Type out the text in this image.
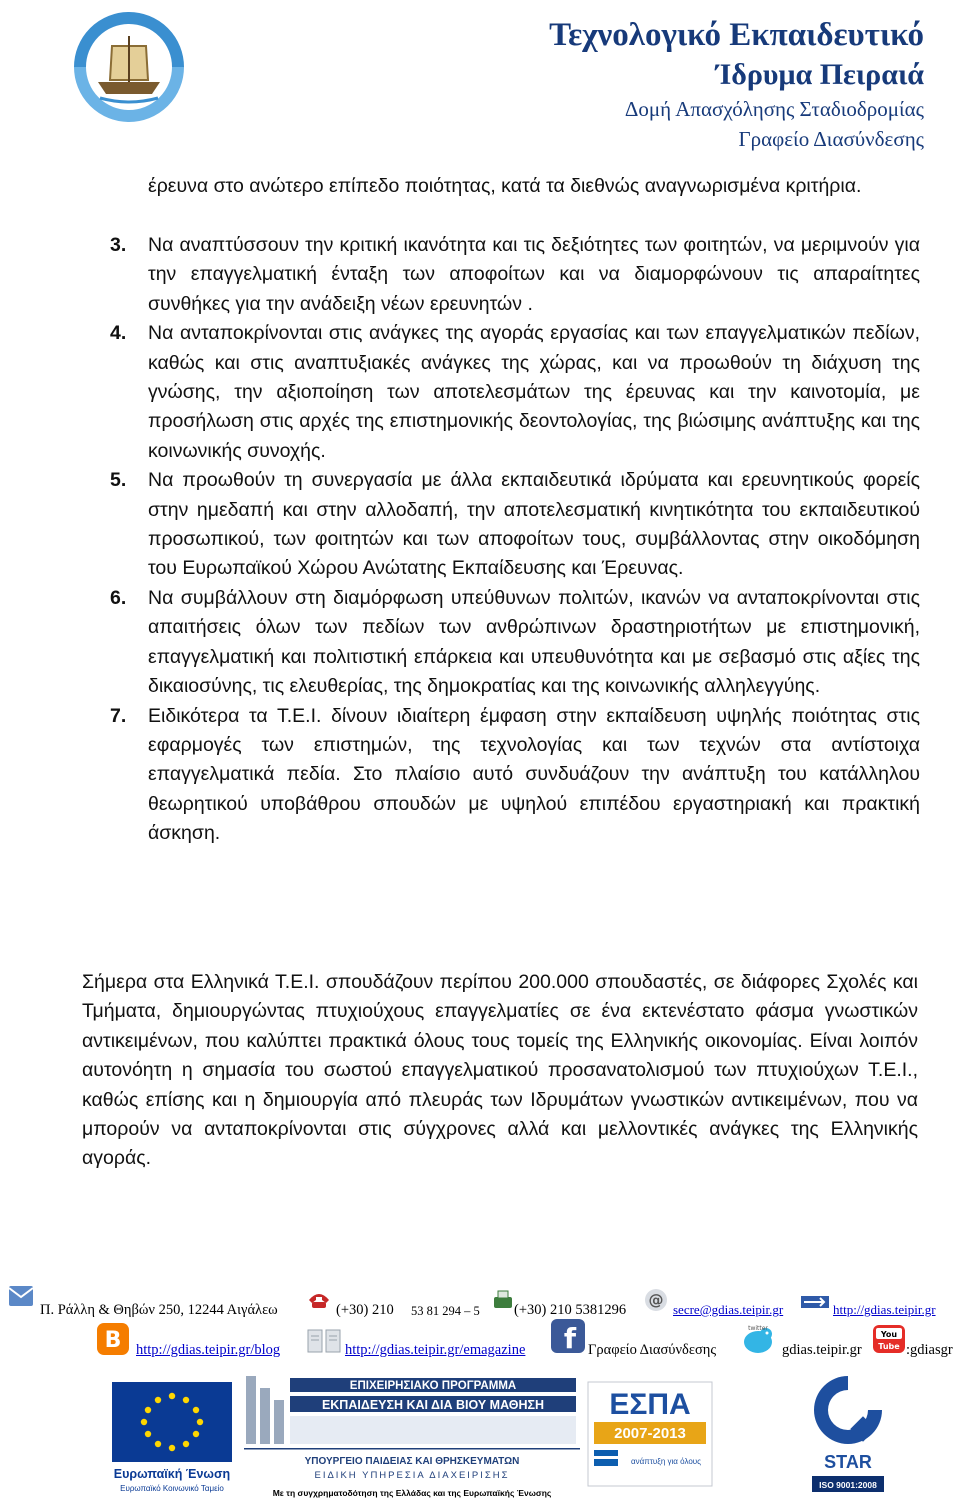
Τεχνολογικό Εκπαιδευτικό
Ίδρυμα Πειραιά
Δομή Απασχόλησης Σταδιοδρομίας
Γραφείο Διασύνδεσης
έρευνα στο ανώτερο επίπεδο ποιότητας, κατά τα διεθνώς αναγνωρισμένα κριτήρια.
3. Να αναπτύσσουν την κριτική ικανότητα και τις δεξιότητες των φοιτητών, να μεριμνούν για την επαγγελματική ένταξη των αποφοίτων και να διαμορφώνουν τις απαραίτητες συνθήκες για την ανάδειξη νέων ερευνητών .
4. Να ανταποκρίνονται στις ανάγκες της αγοράς εργασίας και των επαγγελματικών πεδίων, καθώς και στις αναπτυξιακές ανάγκες της χώρας, και να προωθούν τη διάχυση της γνώσης, την αξιοποίηση των αποτελεσμάτων της έρευνας και την καινοτομία, με προσήλωση στις αρχές της επιστημονικής δεοντολογίας, της βιώσιμης ανάπτυξης και της κοινωνικής συνοχής.
5. Να προωθούν τη συνεργασία με άλλα εκπαιδευτικά ιδρύματα και ερευνητικούς φορείς στην ημεδαπή και στην αλλοδαπή, την αποτελεσματική κινητικότητα του εκπαιδευτικού προσωπικού, των φοιτητών και των αποφοίτων τους, συμβάλλοντας στην οικοδόμηση του Ευρωπαϊκού Χώρου Ανώτατης Εκπαίδευσης και Έρευνας.
6. Να συμβάλλουν στη διαμόρφωση υπεύθυνων πολιτών, ικανών να ανταποκρίνονται στις απαιτήσεις όλων των πεδίων των ανθρώπινων δραστηριοτήτων με επιστημονική, επαγγελματική και πολιτιστική επάρκεια και υπευθυνότητα και με σεβασμό στις αξίες της δικαιοσύνης, τις ελευθερίας, της δημοκρατίας και της κοινωνικής αλληλεγγύης.
7. Ειδικότερα τα Τ.Ε.Ι. δίνουν ιδιαίτερη έμφαση στην εκπαίδευση υψηλής ποιότητας στις εφαρμογές των επιστημών, της τεχνολογίας και των τεχνών στα αντίστοιχα επαγγελματικά πεδία. Στο πλαίσιο αυτό συνδυάζουν την ανάπτυξη του κατάλληλου θεωρητικού υποβάθρου σπουδών με υψηλού επιπέδου εργαστηριακή και πρακτική άσκηση.
Σήμερα στα Ελληνικά Τ.Ε.Ι. σπουδάζουν περίπου 200.000 σπουδαστές, σε διάφορες Σχολές και Τμήματα, δημιουργώντας πτυχιούχους επαγγελματίες σε ένα εκτενέστατο φάσμα γνωστικών αντικειμένων, που καλύπτει πρακτικά όλους τους τομείς της Ελληνικής οικονομίας. Είναι λοιπόν αυτονόητη η σημασία του σωστού επαγγελματικού προσανατολισμού των πτυχιούχων Τ.Ε.Ι., καθώς επίσης και η δημιουργία από πλευράς των Ιδρυμάτων γνωστικών αντικειμένων, που να μπορούν να ανταποκρίνονται στις σύγχρονες αλλά και μελλοντικές ανάγκες της Ελληνικής αγοράς.
Π. Ράλλη & Θηβών 250, 12244 Αιγάλεω	(+30) 210 53 81 294 – 5 (+30) 210 5381296
@
secre@gdias.teipir.gr	http://gdias.teipir.gr
B http://gdias.teipir.gr/blog	http://gdias.teipir.gr/emagazine f Γραφείο Διασύνδεσης
twitter
gdias.teipir.gr
You
Tube :gdiasgr
Ευρωπαϊκή Ένωση
Ευρωπαϊκό Κοινωνικό Ταμείο
ΕΠΙΧΕΙΡΗΣΙΑΚΟ ΠΡΟΓΡΑΜΜΑ
ΕΚΠΑΙΔΕΥΣΗ ΚΑΙ ΔΙΑ ΒΙΟΥ ΜΑΘΗΣΗ
ΥΠΟΥΡΓΕΙΟ ΠΑΙΔΕΙΑΣ ΚΑΙ ΘΡΗΣΚΕΥΜΑΤΩΝ
ΕΙΔΙΚΗ ΥΠΗΡΕΣΙΑ ΔΙΑΧΕΙΡΙΣΗΣ
Με τη συγχρηματοδότηση της Ελλάδας και της Ευρωπαϊκής Ένωσης
ΕΣΠΑ
2007-2013
ανάπτυξη για όλους	STAR
ISO 9001:2008
